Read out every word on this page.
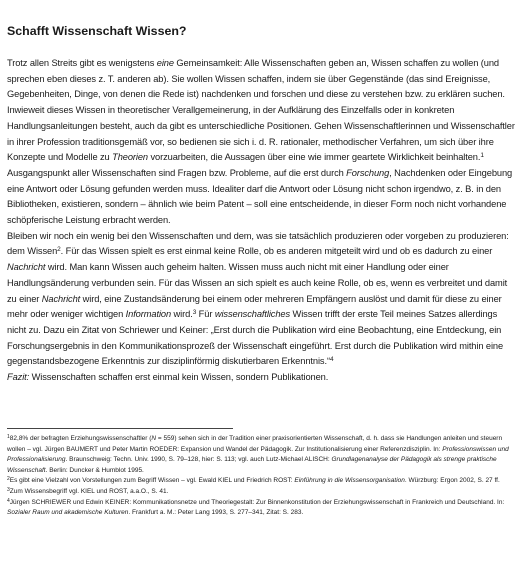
Schafft Wissenschaft Wissen?

Trotz allen Streits gibt es wenigstens eine Gemeinsamkeit: Alle Wissenschaften geben an, Wissen schaffen zu wollen (und sprechen eben dieses z. T. anderen ab). Sie wollen Wissen schaffen, indem sie über Gegenstände (das sind Ereignisse, Gegebenheiten, Dinge, von denen die Rede ist) nachdenken und forschen und diese zu verstehen bzw. zu erklären suchen. Inwieweit dieses Wissen in theoretischer Verallgemeinerung, in der Aufklärung des Einzelfalls oder in konkreten Handlungsanleitungen besteht, auch da gibt es unterschiedliche Positionen. Gehen Wissenschaftlerinnen und Wissenschaftler in ihrer Profession traditionsgemäß vor, so bedienen sie sich i. d. R. rationaler, methodischer Verfahren, um sich über ihre Konzepte und Modelle zu Theorien vorzuarbeiten, die Aussagen über eine wie immer geartete Wirklichkeit beinhalten.$^1$ Ausgangspunkt aller Wissenschaften sind Fragen bzw. Probleme, auf die erst durch Forschung, Nachdenken oder Eingebung eine Antwort oder Lösung gefunden werden muss. Idealiter darf die Antwort oder Lösung nicht schon irgendwo, z. B. in den Bibliotheken, existieren, sondern – ähnlich wie beim Patent – soll eine entscheidende, in dieser Form noch nicht vorhandene schöpferische Leistung erbracht werden.

Bleiben wir noch ein wenig bei den Wissenschaften und dem, was sie tatsächlich produzieren oder vorgeben zu produzieren: dem Wissen$^2$. Für das Wissen spielt es erst einmal keine Rolle, ob es anderen mitgeteilt wird und ob es dadurch zu einer Nachricht wird. Man kann Wissen auch geheim halten. Wissen muss auch nicht mit einer Handlung oder einer Handlungsänderung verbunden sein. Für das Wissen an sich spielt es auch keine Rolle, ob es, wenn es verbreitet und damit zu einer Nachricht wird, eine Zustandsänderung bei einem oder mehreren Empfängern auslöst und damit für diese zu einer mehr oder weniger wichtigen Information wird.$^3$ Für wissenschaftliches Wissen trifft der erste Teil meines Satzes allerdings nicht zu. Dazu ein Zitat von Schriewer und Keiner: „Erst durch die Publikation wird eine Beobachtung, eine Entdeckung, ein Forschungsergebnis in den Kommunikationsprozeß der Wissenschaft eingeführt. Erst durch die Publikation wird mithin eine gegenstandsbezogene Erkenntnis zur disziplinförmig diskutierbaren Erkenntnis.“$^4$

Fazit: Wissenschaften schaffen erst einmal kein Wissen, sondern Publikationen.

$^1$82,8% der befragten Erziehungswissenschaftler (N = 559) sehen sich in der Tradition einer praxisorientierten Wissenschaft, d. h. dass sie Handlungen anleiten und steuern wollen – vgl. Jürgen BAUMERT und Peter Martin ROEDER: Expansion und Wandel der Pädagogik. Zur Institutionalisierung einer Referenzdisziplin. In: Professionswissen und Professionalisierung. Braunschweig: Techn. Univ. 1990, S. 79–128, hier: S. 113; vgl. auch Lutz-Michael ALISCH: Grundlagenanalyse der Pädagogik als strenge praktische Wissenschaft. Berlin: Duncker & Humblot 1995.

$^2$Es gibt eine Vielzahl von Vorstellungen zum Begriff Wissen – vgl. Ewald KIEL und Friedrich ROST: Einführung in die Wissensorganisation. Würzburg: Ergon 2002, S. 27 ff.

$^3$Zum Wissensbegriff vgl. KIEL und ROST, a.a.O., S. 41.

$^4$Jürgen SCHRIEWER und Edwin KEINER: Kommunikationsnetze und Theoriegestalt: Zur Binnenkonstitution der Erziehungswissenschaft in Frankreich und Deutschland. In: Sozialer Raum und akademische Kulturen. Frankfurt a. M.: Peter Lang 1993, S. 277–341, Zitat: S. 283.
